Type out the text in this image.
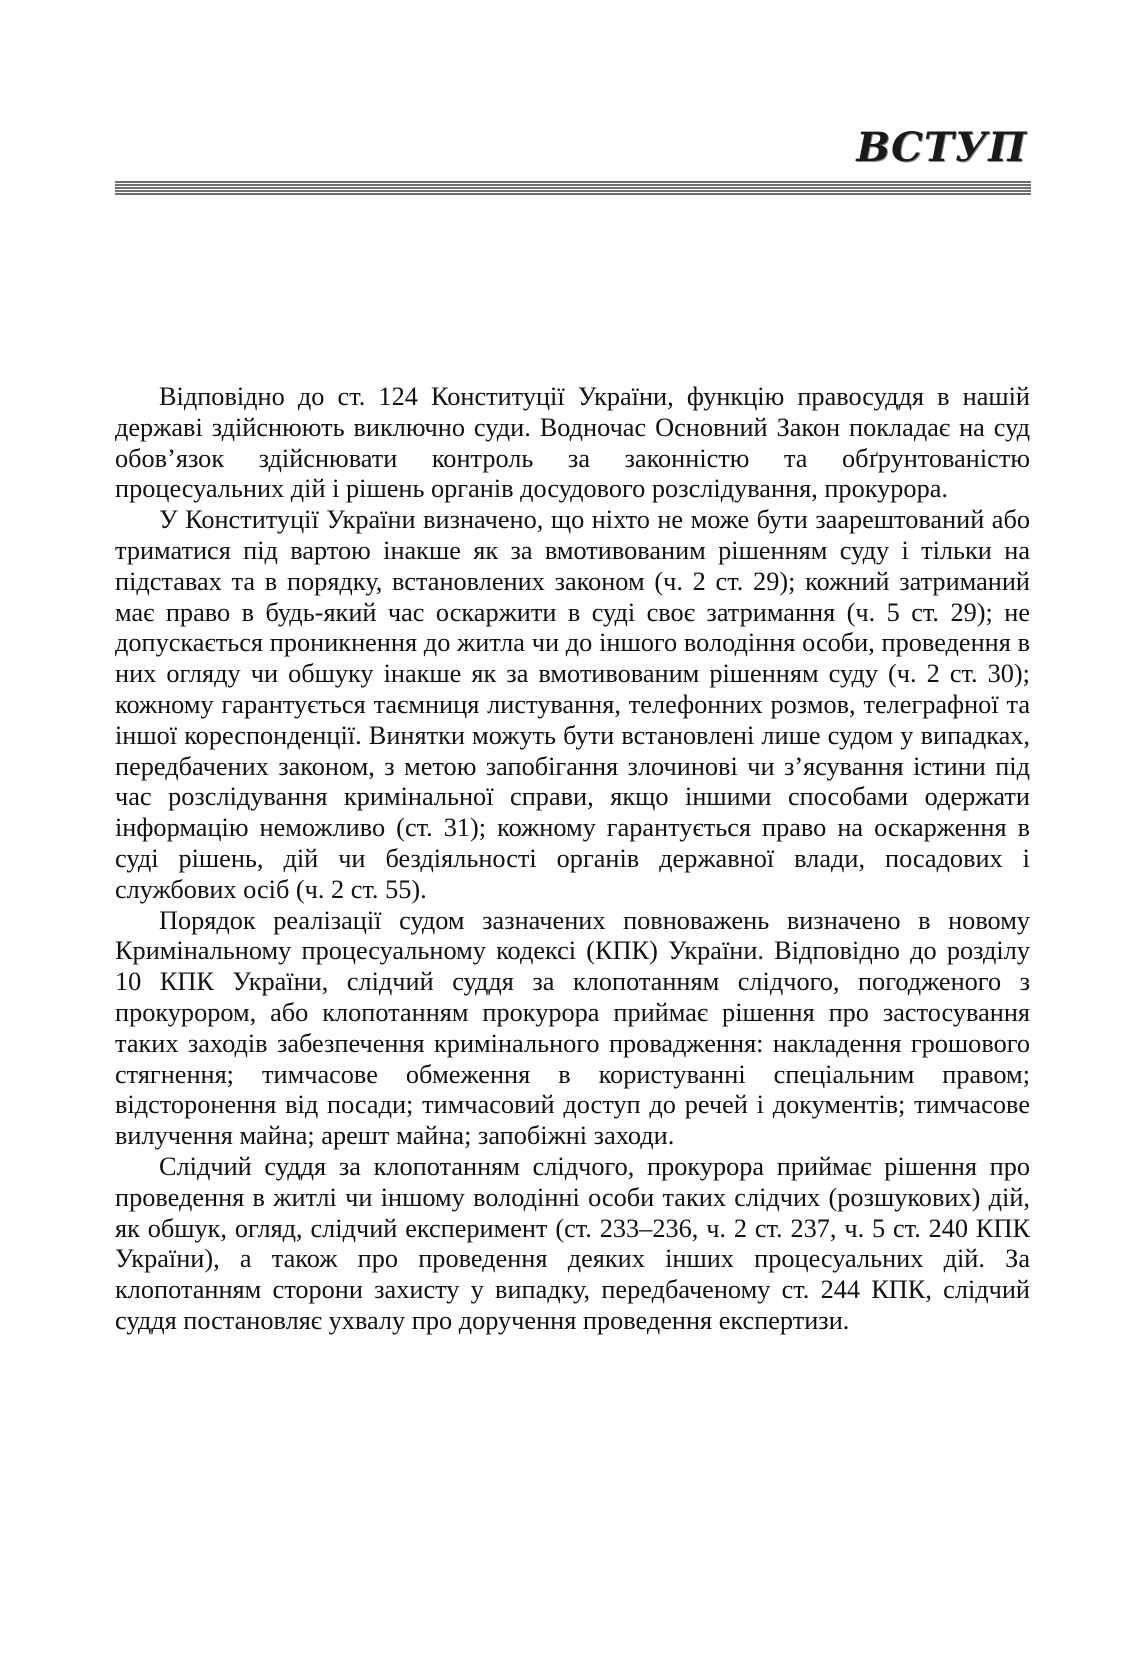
ВСТУП

Відповідно до ст. 124 Конституції України, функцію правосуддя в нашій державі здійснюють виключно суди. Водночас Основний Закон покладає на суд обов’язок здійснювати контроль за законністю та обґрунтованістю процесуальних дій і рішень органів досудового розслідування, прокурора.

У Конституції України визначено, що ніхто не може бути заарештований або триматися під вартою інакше як за вмотивованим рішенням суду і тільки на підставах та в порядку, встановлених законом (ч. 2 ст. 29); кожний затриманий має право в будь-який час оскаржити в суді своє затримання (ч. 5 ст. 29); не допускається проникнення до житла чи до іншого володіння особи, проведення в них огляду чи обшуку інакше як за вмотивованим рішенням суду (ч. 2 ст. 30); кожному гарантується таємниця листування, телефонних розмов, телеграфної та іншої кореспонденції. Винятки можуть бути встановлені лише судом у випадках, передбачених законом, з метою запобігання злочинові чи з’ясування істини під час розслідування кримінальної справи, якщо іншими способами одержати інформацію неможливо (ст. 31); кожному гарантується право на оскарження в суді рішень, дій чи бездіяльності органів державної влади, посадових і службових осіб (ч. 2 ст. 55).

Порядок реалізації судом зазначених повноважень визначено в новому Кримінальному процесуальному кодексі (КПК) України. Відповідно до розділу 10 КПК України, слідчий суддя за клопотанням слідчого, погодженого з прокурором, або клопотанням прокурора приймає рішення про застосування таких заходів забезпечення кримінального провадження: накладення грошового стягнення; тимчасове обмеження в користуванні спеціальним правом; відсторонення від посади; тимчасовий доступ до речей і документів; тимчасове вилучення майна; арешт майна; запобіжні заходи.

Слідчий суддя за клопотанням слідчого, прокурора приймає рішення про проведення в житлі чи іншому володінні особи таких слідчих (розшукових) дій, як обшук, огляд, слідчий експеримент (ст. 233–236, ч. 2 ст. 237, ч. 5 ст. 240 КПК України), а також про проведення деяких інших процесуальних дій. За клопотанням сторони захисту у випадку, передбаченому ст. 244 КПК, слідчий суддя постановляє ухвалу про доручення проведення експертизи.
